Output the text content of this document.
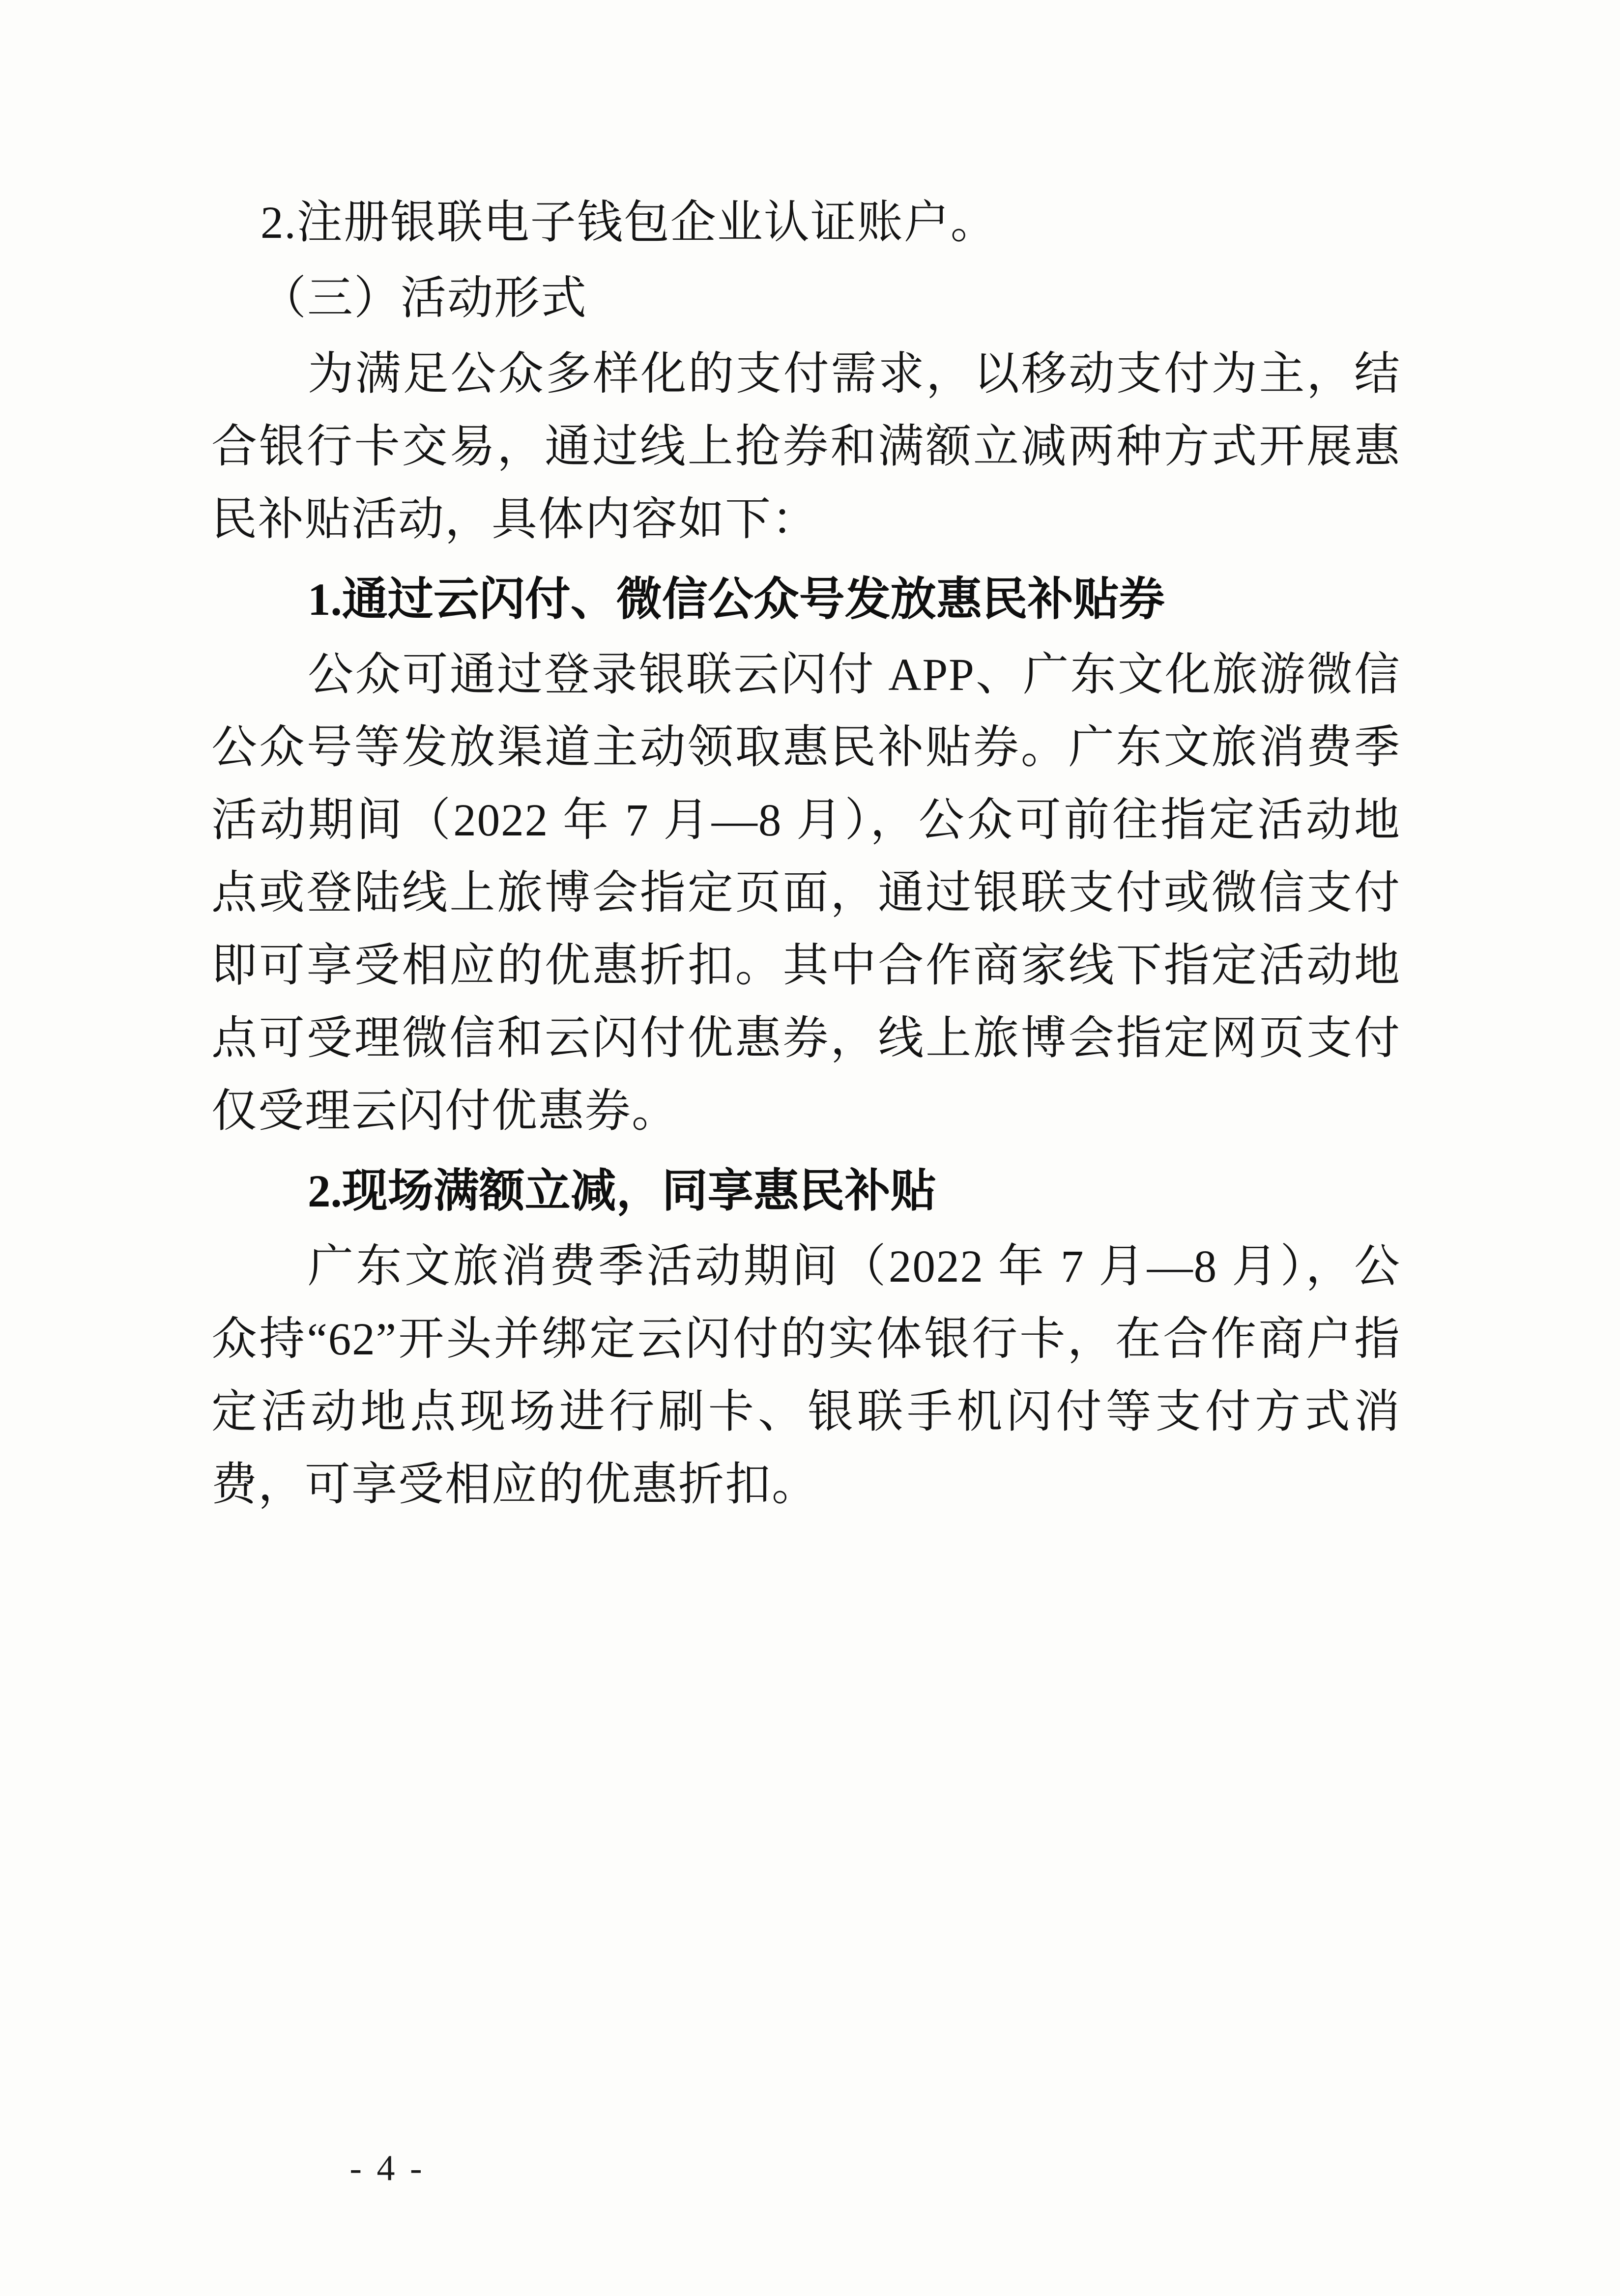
2.注册银联电子钱包企业认证账户。

（三）活动形式

为满足公众多样化的支付需求，以移动支付为主，结合银行卡交易，通过线上抢券和满额立减两种方式开展惠民补贴活动，具体内容如下：

1.通过云闪付、微信公众号发放惠民补贴券

公众可通过登录银联云闪付 APP、广东文化旅游微信公众号等发放渠道主动领取惠民补贴券。广东文旅消费季活动期间（2022 年 7 月—8 月），公众可前往指定活动地点或登陆线上旅博会指定页面，通过银联支付或微信支付即可享受相应的优惠折扣。其中合作商家线下指定活动地点可受理微信和云闪付优惠券，线上旅博会指定网页支付仅受理云闪付优惠券。

2.现场满额立减，同享惠民补贴

广东文旅消费季活动期间（2022 年 7 月—8 月），公众持“62”开头并绑定云闪付的实体银行卡，在合作商户指定活动地点现场进行刷卡、银联手机闪付等支付方式消费，可享受相应的优惠折扣。

- 4 -
